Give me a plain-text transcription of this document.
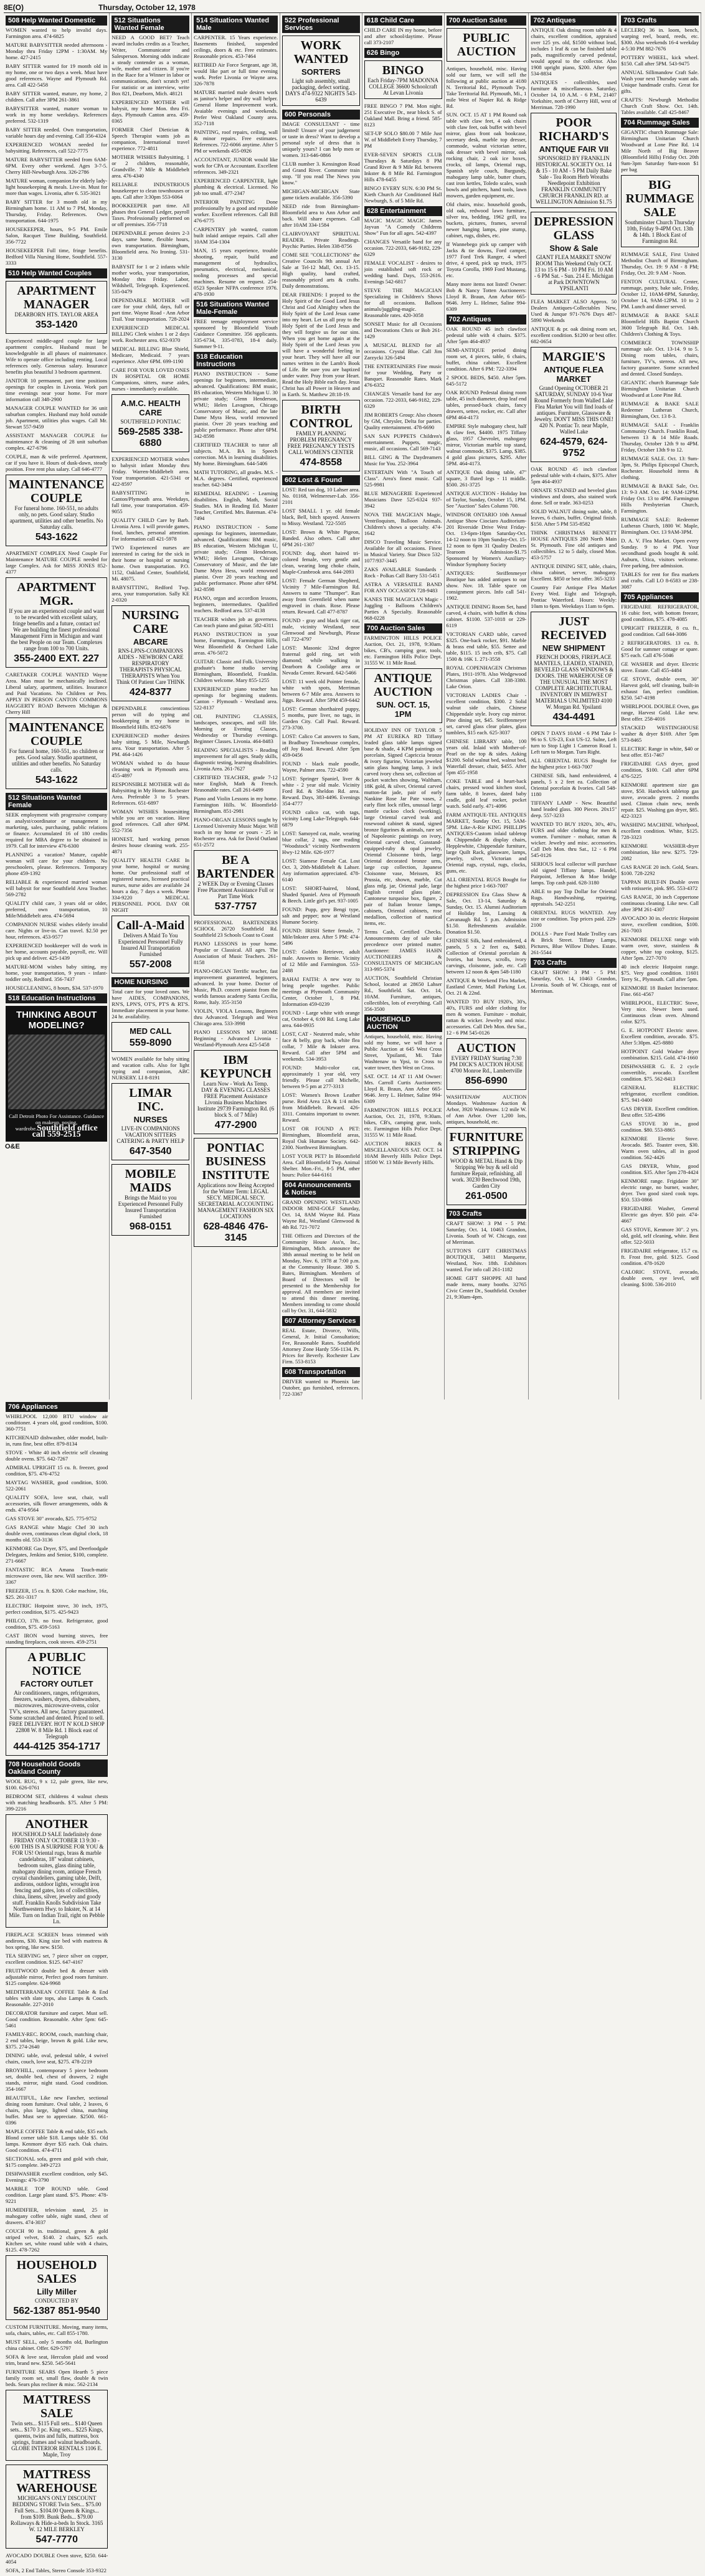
8E(O)	Thursday, October 12, 1978
508 Help Wanted Domestic
WOMEN wanted to help invalid days. Farmington area. 474-6825
MATURE BABYSITTER needed afternoons - Monday thru Friday 12PM - 1:30AM. My home. 427-2415
BABY SITTER wanted for 19 month old in my home, one or two days a week. Must have good references. Wayne and Plymouth Rd. area. Call 422-5458
BABY SITTER wanted, mature, my home, 2 children. Call after 3PM 261-3861
BABYSITTER wanted, mature woman to work in my home weekdays. References preferred. 532-1319
BABY SITTER needed. Own transportation, variable hours day and evening. Call 356-4324
EXPERIENCED WOMAN needed for babysitting. References, call 522-7775
MATURE BABYSITTER needed from 6AM-6PM. Every other weekend. Ages 3-7-5. Cherry Hill-Newburgh Area. 326-2786
MATURE woman, companion for elderly lady-light housekeeping & meals. Live-in. Must for more than wages. Livonia, after 6. 535-3021
BABY SITTER for 3 month old in my Birmingham home. 11 AM to 7 PM, Monday, Thursday, Friday. References. Own transportation. 644-1975
HOUSEKEEPER, hours, 9-5 PM. Emile Salon, Racquet Time Building, Southfield. 356-7722
HOUSEKEEPER Full time, fringe benefits. Bedford Villa Nursing Home, Southfield. 557-3333
510 Help Wanted Couples
APARTMENT MANAGER
DEARBORN HTS. TAYLOR AREA
353-1420
Experienced middle-aged couple for large apartment complex. Husband must be knowledgeable in all phases of maintenance. Wife to operate office including renting. Local references only. Generous salary. Insurance benefits plus beautiful 3 bedroom apartment.
JANITOR 10 permanent, part time positions openings for couples in Livonia. Work part time evenings near your home. For more information call 348-2900
MANAGER COUPLE WANTED for 36 unit suburban complex. Husband may hold outside job. Apartment, utilities plus wages. Call Mr. Stewart 557-9459
ASSISTANT MANAGER COUPLE for maintenance & cleaning of 28 unit suburban complex. 427-6796
COUPLE, man & wife preferred. Apartment, car if you have it. Hours of dusk-dawn, steady position. Free rent plus salary. Call 646-4777
MAINTENANCE COUPLE
For funeral home. 160-551, no adults only, no pets. Good salary. Studio apartment, utilities and other benefits. No Saturday calls.
543-1622
APARTMENT COMPLEX Need Couple For Maintenance MATURE COUPLE needed for large Complex. Ask for MISS JONES 852-4377
APARTMENT MGR.
If you are an experienced couple and want to be rewarded with excellent salary, fringe benefits and a future, contact us! We are building the finest professional Management Firm in Michigan and want the best People on our Team. Complexes range from 100 to 700 Units.
355-2400 EXT. 227
CARETAKER COUPLE WANTED Wayne Area. Man must be mechanically inclined. Liberal salary, apartment, utilities. Insurance and Paid Vacations. No Children or Pets. APPLY IN PERSON CANTON COMMONS HAGGERTY ROAD Between Michigan & Cherry Hill
MAINTENANCE COUPLE
For funeral home, 160-551, no children or pets. Good salary. Studio apartment, utilities and other benefits. No Saturday calls.
543-1622
512 Situations Wanted Female
SEEK employment with progressive company as analyst/coordinator or management in marketing, sales, purchasing, public relations or finance. Accumulated 16 of 180 credits required for MBA degree to be obtained in 1979. Call for interview 476-6300
PLANNING a vacation? Mature, capable woman will care for your children. No preschoolers, please. References. Temporary phone 459-1392
RELIABLE & experienced married woman will babysit for near Southfield Area Teacher. 569-2782
QUALITY child care, 3 years old or older, preferred, own transportation, 10 Mile/Middlebelt area. 474-5694
COMPANION NURSE wishes elderly invalid care. Nights or live-in. Can travel. $2.50 per hour, references. 453-9577
EXPERIENCED bookkeeper will do work in her home, accounts payable, payroll, etc. Will pick up and deliver. 425-1439
MATURE-MOM wishes baby sitting, my home, your transportation, 9 years - infant-toddler only, Redford. 356-7437
HOUSECLEANING, 8 hours, $34. 537-1970
518 Education Instructions
THINKING ABOUT MODELING?
Call Detroit Photo For Assistance. Guidance on makeup, posing, wardrobe.Southfield office call 559-2515
512 Situations Wanted Female
NEED A GOOD BET? Teach award includes credits as a Teacher, Writer, Communicator and Salesperson. Morning odds indicate a steady contender as a woman, wife, mother and citizen. If you're in the Race for a Winner in labor or communications, don't scratch yet! For statistic or an interview, write Box 821, Dearborn, Mich. 48121
EXPERIENCED MOTHER will babysit, my home Mon. thru Fri. days. Plymouth Canton area. 459-0365
FORMER Chief Dietician & Speech Therapist wants job as companion, International travel experience. 772-4811
MOTHER WISHES Babysitting, 1 or 2 children, reasonable, Grandville. 7 Mile & Middlebelt area. 476-4340
RELIABLE INDUSTRIOUS housekeeper to clean townhouses or apts. Call after 3:30pm 553-6064
BOOKKEEPER part time. All phases thru General Ledger, payroll Taxes. Professionally performed on or off premises. 356-7718
DEPENDABLE person desires 2-3 days, same home, flexible hours, own transportation. Birmingham, Bloomfield area. No Ironing. 531-3130
BABYSIT for 1 or 2 infants while mother works, your transportation, Monday thru Friday. Labor, Wildshell, Telegraph. Experienced. 535-0479
DEPENDABLE MOTHER will care for your child, days, full or part time. Wayne Road - Ann Arbor Trail. Your transportation. 728-2024
EXPERIENCED MEDICAL BILLING Clerk wishes 1 or 2 days work. Rochester area. 652-9370
MEDICAL BILLING Blue Shield, Medicare, Medicaid. 7 years experience. After 6PM. 699-1190
CARE FOR YOUR LOVED ONES IN HOSPITAL OR HOME Companions, sitters, nurse aides, nurses - immediately available.
A.M.C. HEALTH CARE
SOUTHFIELD PONTIAC
569-2585 338-6880
EXPERIENCED MOTHER wishes to babysit infant Monday thru Friday. Warren-Middlebelt area. Your transportation. 421-5341 or 422-8597
BABYSITTING in Canton/Plymouth area. Weekdays, full time, your transportation. 459-9055
QUALITY CHILD Care by Barb. Livonia Area. I will provide games, food, lunches, personal attention. For information call 421-5978
TWO Experienced nurses are interested in caring for the sick in their home or hospital or nursing home. Own transportation. P.O. 1152, Oakland Center, Southfield, Mi. 48075.
BABYSITTING, Redford Twp. area, your transportation. Sally KE 2-0320
NURSING CARE
ABCARE
RNS-LPNS-COMPANIONS AIDES - NEWBORN CARE RESPIRATORY THERAPISTS PHYSICAL THERAPISTS When You Think Of Patient Care THINK
424-8377
DEPENDABLE conscientious person will do typing and bookkeeping in my home in Bloomfield Hills. 852-6876
EXPERIENCED mother desires baby sitting, 5 Mile, Newburgh area. Your transportation. After 5 PM. 464-1426
WOMAN wished to do house cleaning work in Plymouth area. 455-4897
RESPONSIBLE MOTHER will do Babysitting in My Home. Rochester Area. Preferable 3 to 5 years. References. 651-6897
WOMAN WISHES housesitting while you are on vacation. Have good references. Call after 6PM. 552-7356
HONEST, hard working person desires house cleaning work. 255-4871
QUALITY HEALTH CARE In your home, hospital or nursing home. Our professional staff of registered nurses, licensed practical nurses, nurse aides are available 24 hours a day, 7 days a week. Phone 334-9220 MEDICAL PERSONNEL POOL DAY OR NIGHT
Call-A-Maid
Delivers A Maid To You Experienced Personnel Fully Insured All Transportation Furnished
557-2008
HOME NURSING
Total care for your loved ones. We have AIDES, COMPANIONS, RN'S, LPN'S, OT'S, PT'S & RT'S. Immediate placement in your home. 24 hr. availability.
MED CALL
559-8090
WOMEN available for baby sitting and vacation calls. Also for light typing and companion, ABC NURSERY. LI 8-8191
LIMAR INC.
NURSES
LIVE-IN COMPANIONS VACATION SITTERS CATERING & PARTY HELP
647-3540
MOBILE MAIDS
Brings the Maid to you Experienced Personnel Fully Insured Transportation Furnished
968-0151
514 Situations Wanted Male
CARPENTER. 15 Years experience. Basements finished, suspended ceilings, doors & etc. Free estimates. Reasonable prices. 453-7464
RETIRED Air Force Sergeant, age 38, would like part or full time evening work. Prefer Livonia or Wayne area. 326-7878
MATURE married male desires work as janitor's helper and dry wall helper. General Home Improvement work. Avaiable evenings and weekends. Prefer West Oakland County area. 352-7118
PAINTING, roof repairs, ceiling, wall & minor repairs. Free estimates. References. 722-6066 anytime. After 5 PM or weekends 455-0926
ACCOUNTANT, JUNIOR would like work for CPA or Accountant. Excellent references. 349-2321
EXPERIENCED CARPENTER, light plumbing & electrical. Licensed. No job too small. 477-2347
INTERIOR PAINTING Done professionally by a good and reputable worker. Excellent references. Call Bill 476-6775
CARPENTRY job wanted, custom built inlaid antique repairs. Call after 10AM 354-1304
MAN, 15 years experience, trouble shooting, repair, build and management of hydraulics, pneumatics, electrical, mechanical, tooling processes and special machines. Resume on request. 254-0523 Speaker NFPA conference 1976. 478-1930
516 Situations Wanted Male-Female
FREE teenage employment service sponsored by Bloomfield Youth Guidance Committee. 356 applicants. 335-6734, 335-0783, 18-4 daily. Summer 9-11.
518 Education Instructions
PIANO INSTRUCTION - Some openings for beginners, intermediate, advanced. Qualifications: BM music, BS education, Western Michigan U. 30 private study; Glenn Henderson, WMU; Helen Lavagnon, Chicago Conservatory of Music, and the late Dame Myra Hess, world renowned pianist. Over 20 years teaching and public performance. Phone after 6PM. 342-8598
CERTIFIED TEACHER to tutor all subjects. M.A. BA in Speech correction. MA in learning disabilities. My home. Birmingham. 644-5406
MATH TUTORING, all grades. M.S. - M.A. degrees. Certified, experienced teacher. 642-3494
REMEDIAL READING - Learning disabilities. English, Math, Social Studies. MA in Reading Ed. Master Teacher, Certified. Mrs. Bateman. 474-7494
PIANO INSTRUCTION - Some openings for beginners, intermediate, advanced. Qualifications: BM music, BS education, Western Michigan U, private study; Glenn Henderson, WMU; Helen Lavagnon, Chicago Conservatory of Music, and the late Dame Myra Hess, world renowned pianist. Over 20 years teaching and public performance. Phone after 6PM. 342-8598
PIANO, organ and accordion lessons, beginners, intermediates. Qualified teachers. Redford area. 537-4138
TEACHER wishes job as governess. Can teach piano and guitar. 582-4311
PIANO INSTRUCTION in your home, Farmington, Farmington Hills, West Bloomfield & Orchard Lake areas. 476-5072
GUITAR: Classic and Folk. University graduate's home studio serving Birmingham, Bloomfield, Franklin. Children welcome. Mary 855-1255
EXPERIENCED piano teacher has openings for beginning students. Canton - Plymouth - Westland area. 522-8137
OIL PAINTING CLASSES, landscapes, seascapes, and still life. Morning or Evening Classes, Wednesday or Thursday evenings. Beginner Classes. Livonia. 464-8483
READING SPECIALISTS - Reading improvement for all ages. Study skills, diagnostic testing, learning disabilities. Livonia Area. 261-7627
CERTIFIED TEACHER, grade 7-12 tutor English, Math & French. Reasonable rates. Call 261-6499
Piano and Violin Lessons in my home. Farmington Hills. W. Bloomfield-Birmingham. 851-2981
PIANO-ORGAN LESSONS taught by Licensed University Music Major. Will teach in my home or yours - 25 in Rochester area. Ask for David Outland 651-2572
BE A BARTENDER
2 WEEK Day or Evening Classes Free Placement Assistance Full or Part Time Work
537-7757
PROFESSIONAL BARTENDERS SCHOOL 26720 Southfield Rd. Southfield 23 Schools Coast to Coast
PIANO LESSONS in your home. Popular or Classical. All ages. The Association of Music Teachers. 261-8158
PIANO-ORGAN Terrific teacher, fast improvement guaranteed, beginners, advanced. In your home. Doctor of Music, Ph.D. concert pianist from the worlds famous academy Santa Cecilia, Rome, Italy. 355-3150
VIOLIN, VIOLA Lessons, Beginners thru Advanced. Telegraph and West Chicago area. 533-3998
PIANO LESSONS MY HOME Beginning - Advanced Livonia - Westland-Plymouth Area 425-5458
IBM KEYPUNCH
Learn Now - Work As Temp. DAY & EVENING CLASSES FREE Placement Assistance Livonia Business Machines Institute 29739 Farmington Rd. (6 block S. of 7 Mile)
477-2900
PONTIAC BUSINESS INSTITUTE
Applications now Being Accepted for the Winter Term: LEGAL SECY. MEDICAL SECY. SECRETARIAL ACCOUNTING MANAGEMENT FASHION SIX LOCATIONS
628-4846 476-3145
522 Professional Services
WORK WANTED
SORTERS
Light sub assembly, small packaging, defect sorting. DAYS 474-9322 NIGHTS 543-6439
600 Personals
IMAGE CONSULTANT - time limited! Unsure of your judgement or taste in dress? Want to develop a personal style of dress that is uniquely yours? I can help men or women. 313-646-0866
CLUB number 3. Kensington Road and Grand River. Commuter train stop. "If you read The News you know."
MICHIGAN-MICHIGAN State game tickets available. 356-5390
NEED ride from Birmingham-Bloomfield area to Ann Arbor and back. Will share expenses. Call after 10AM 334-1584
CLAIRVOYANT SPIRITUAL READER. Private Readings. Psychic Parties. Helen 338-8756
COME SEE "COLLECTIONS" the Creative Councils 9th annual Art Sale at Tel-12 Mall, Oct. 13-15. High quality, hand crafted, reasonably priced arts & crafts. Daily demonstrations.
DEAR FRIENDS: I prayed to the Holy Spirit of the Good Lord Jesus Christ and God Almighty when the Holy Spirit of the Lord Jesus came into my heart. Let us all pray to the Holy Spirit of the Lord Jesus and they will forgive us for our sins. When you get home again at the Holy Spirit of the Lord Jesus you will have a wonderful feeling in your heart. They will have all our names written in the Lamb's Book of Life. Be sure you are baptized under water. Pray from your Heart. Read the Holy Bible each day. Jesus Christ has all Power in Heaven and in Earth. St. Matthew 28:18-19.
BIRTH CONTROL
FAMILY PLANNING PROBLEM PREGNANCY FREE PREGNANCY TESTS CALL WOMEN'S CENTER
474-8558
602 Lost & Found
LOST: Red tan dog, 10 Lahser area. No. 01168, Welmereser-Lab. 356-2101
LOST SMALL 1 yr. old female black, Bell, bitch spayed. Answers to Missy. Westland. 722-5505
LOST: Brown & White Pigeon, Banded. Also others. Call after 6PM 261-1307
FOUND: dog, short haired tri-colored female, very gentle and clean, wearing long choke chain, Maple-Cranbrook area. 644-2093
LOST: Female German Shepherd, Vicinity 7 Mile-Farmington Rd. Answers to name "Thumper". Ran away from Greenfield when name engraved in chain. Rose. Please return. Reward. Call 477-8787
FOUND - gray and black tiger cat, male, vicinity Westland, near Glenwood and Newburgh, Please call 722-4797
LOST: Masonic 32nd degree fraternal gold ring, set with diamond; while walking in Dearborn & Coolidge area or Nevada Center. Reward. 642-5466
LOST: 11 week old Pointer female, white with spots, Merriman between 6-7 Mile area. Answers to Jiggs. Reward. After 5PM 459-6442
LOST: German shorthaired puppy, 5 months, pure liver, no tags, in Garden City. Call Paul. Reward. 273-3700.
LOST: Calico Cat answers to Sam, in Bradbury Townehouse complex, off Joy Road. Reward. After 5pm 459-0456
FOUND - black male poodle, Wayne, Palmer area. 722-4590
LOST: Springer Spaniel, liver & white - 2 year old male. Vicinity Ford Rd. & Sheldon Rd. area. Reward. Days, 383-4496. Evenings 354-4777
FOUND calico cat, with tags, vicinity Long Lake-Telegraph. 644-6879
LOST: Samoyed cat, male, wearing blue collar, 2 tags, one reading "Woodstock" vicinity Northwestern Hwy-12 Mile. 626-1977
LOST: Siamese Female Cat. Lost Oct. 3, 20th-Middlebelt & Lahser. Any information appreciated. 478-6140
LOST: SHORT-haired, blond, Shaded Spaniel. Area of Plymouth & Beech. Little girl's pet. 937-1005
FOUND: Pupp, grey Bengi type, salt and pepper; now at Westland Humane Society.
FOUND: IRISH Setter female, 7 Mile/Inkster area. After 5 PM: 474-5496
LOST: Golden Retriever, adult male. Answers to Bernie. Vicinity of 12 Mile and Farmington. 553-2488
BAHAI FAITH: A new way to bring people together. Public meetings at Plymouth Community Center, October 1, 8 PM. Information 459-0239
FOUND - Large white with orange cat, October 4, 6:00 Rd. Long Lake area. 644-0935
LOST, CAT - Neutered male, white face & belly, gray back, white flea collar, 7 Mile & Inkster area. Reward. Call after 5PM and weekends. 534-3953
FOUND: Multi-color cat, approximately 1 year old, very friendly. Please call Michelle, between 9-5 pm at 277-3313
LOST: Women's Brown Leather purse. Reid Area 12A & 1/4 miles from Middlebelt. Reward. 426-3311. Contains important to owner. Reward.
LOST OR FOUND A PET: Birmingham, Bloomfield areas, Royal Oak Humane Society. 642-2300. Northwest Birmingham.
LOST YOUR PET? In Bloomfield Area. Call Bloomfield Twp. Animal Shelter. Mon.-Fri., 8-5 PM, other hours: Police 644-6161
604 Announcements & Notices
GRAND OPENING WESTLAND INDOOR MINI-GOLF Saturday, Oct. 14, 8AM Wayne Rd. Plaza Wayne Rd., Westland Glenwood & 4th Rd. 721-7072
THE Officers and Directors of the Community House Ass'n, Inc., Birmingham, Mich. announce the 38th annual meeting to be held on Monday, Nov. 6, 1978 at 7:00 p.m. at the Community House. 380 S. Bates, Birmingham. Members of Board of Directors will be presented to the Membership for approval. All members are invited to attend this dinner meeting. Members intending to come should call by Oct. 31, 644-5832
607 Attorney Services
REAL Estate, Divorce, Wills, General, Jr. Initial Consultation; Fee, Reasonable Rates. Southfield Attorney Zone Hardy 556-1134. Pt. Prices for Beverly. Rochester Law Firm. 553-8153
608 Transportation
DRIVER wanted to Phoenix late Outober, gas furnished, references. 722-3367
618 Child Care
CHILD CARE IN my home, before and after school/daytime. Please call 373-2107
626 Bingo
BINGO
Each Friday-7PM MADONNA COLLEGE 36600 Schoolcraft At Levan Livonia
FREE BINGO 7 PM. Mon night. 251 Executive Dr., near block S. of Oakland Mall. Bring a friend. 585-8123
SET-UP SOLO $80.00 7 Mile Just W. of Middlebelt Every Thursday, 7 PM
EVER-SEVEN SPORTS CLUB Thursdays & Saturdays 8 PM Grand River & 9 Mile Rd. between Inkster & 8 Mile Rd. Farmington Hills 478-6455
BINGO EVERY SUN. 6:30 PM St. Kieth Church Air Conditioned Hall Newburgh, S. of 5 Mile Rd.
628 Entertainment
MAGIC MAGIC MAGIC James Jayvan "A Comedy Childrens Show" Fun for all ages. 542-4397
CHANGES Versatile band for any occasion. 722-2033, 646-9182, 229-6329
FEMALE VOCALIST - desires to join established soft rock or wedding band. Days, 553-2616. Evenings 542-6817
STEVE THE MAGICIAN Specializing in Children's Shows for all occasions. Balloon animals/juggling-magic. Reasonable rates. 420-3058
SONSET Music for all Occasions and Decorations Chris or Bob 261-1429
A MUSICAL BLEND for all occasions. Crystal Blue. Call Jim Zarzycki 326-5494
THE ENTERTAINERS Fine music for your Wedding, Party or Banquet. Reasonable Rates. Mark 476-6352
CHANGES Versatile band for any occasion. 722-2033, 646-9182, 229-6329
JIM ROBERTS Group: Also chosen by GM, Chrysler, Delta for parties. Quality entertainment. 478-6690
SAN SAN PUPPETS Children's entertainment. Puppets, magic, music, all occasions. Call 569-7143
BILL GING & The Daydreamers Music for You. 252-3964
ENTERTAIN With "A Touch of Class". Area's finest music. Call 525-9981
BLUE MENAGERIE Experienced Musicians Dave 525-6324 937-3942
NOVA THE MAGICIAN Magic, Ventriloquism, Balloon Animals. Children's shows a specialty. 474-1642
DISCO Traveling Music Service. Available for all occasions. Finest in Musical Variety. Star Disco 532-1077/937-3445
ZAKS AVAILABLE Standards - Rock - Polkas Call Barry 531-5451
ASTRA A VERSATILE BAND FOR ANY OCCASION 728-9483
KANES THE MAGICIAN Magic - Juggling - Balloons Children's Parties A Specialty. Reasonable 968-0228
700 Auction Sales
FARMINGTON HILLS POLICE Auction, Oct. 21, 1978, 9:30am. bikes, CB's, camping gear, tools, etc. Farmington Hills Police Dept. 31555 W. 11 Mile Road.
ANTIQUE AUCTION
SUN. OCT. 15, 1PM
HOLIDAY INN OF TAYLOR 5 PM AT EUREKA RD Tiffany leaded glass table lamps signed base & shade, 4 KPM paintings on porcelain, Signed Capriccia bronze & ivory figurine, Victorian jeweled satin glass hanging lamp, 3 inch carved ivory chess set, collection of pocket watches showing, Waltham, 18K gold, & silver, Oriental carved mutton-fat jade, pair of early Nankine Rose Jar Pate vases, 2 early flint lock rifles, unusual large mantle cuckoo clock (working), large Oriental carved teak and rosewood cabinet & stand, signed bronze figurines & animals, rare set of Napoleonic paintings on ivory, Oriental carved chest, Gunstand-equipped-ruby & opal jewelry, Oriental Cloisonne birds, large Oriental decorated bronze urns, large cup collection, Japanese Cloisonne vase, Meissen, RS Prussia, etc, shown, marble, Cut glass mfg. jar, Oriental jade, large English crested glass plate, Cantonese turquoise box, figure, 2 pair of Italian bronze lamps, cabinets, Oriental cabinets, rose medallion, collection of nautical items, etc.
Terms Cash, Certified Checks. Announcements day of sale take precedence over printed matter. Auctioneer: JAMES HAHN AUCTIONEERS & CONSULTANTS OF MICHIGAN 313-995-5374
AUCTION, Southfield Christian School, located at 28650 Lahser Rd., Southfield. Sat. Oct. 14, 10AM. Furniture, antiques, collectibles, lots of everything. Call 356-3500
HOUSEHOLD AUCTION
Antiques, household, misc. Having sold my home, we will have a Public Auction at 645 West Cross Street, Ypsilanti, Mi. Take Washtenaw to Ypsi, to Cross to water tower, then West on Cross.
SAT. OCT. 14 AT 11 AM Owner: Mrs. Carroll Curtis Auctioneers: Lloyd R. Braun, Ann Arbor 665-9646. Jerry L. Helmer, Saline 994-6309
FARMINGTON HILLS POLICE Auction, Oct. 21, 1978, 9:30am. bikes, CB's, camping gear, tools, etc. Farmington Hills Police Dept. 31555 W. 11 Mile Road.
AUCTION BIKES & MISCELLANEOUS SAT. OCT. 14 10AM Beverly Hills Police Dept. 18500 W. 13 Mile Beverly Hills.
700 Auction Sales
PUBLIC AUCTION
Antiques, household, misc. Having sold our farm, we will sell the following at public auction at 4180 N. Territorial Rd., Plymouth Twp. Take Territorial Rd. Plymouth, Mi., 1 mile West of Napier Rd. & Ridge Rd.
SUN. OCT. 15 AT 1 PM Round oak table with claw feet, 4 oak chairs with claw feet, oak buffet with bevel mirror, glass front oak bookcase, secretary desk, marble top dresser, commode, walnut victorian settee, oak dresser with bevel mirror, oak rocking chair, 2 oak ice boxes, crocks, oil lamps, Oriental rugs, Spanish style couch, Burgundy, mahogany lamp table, butter churn, cast iron kettles, Toledo scales, wash bowls and pitchers, hand tools, lawn mowers, garden equipment, etc.
Old chairs, misc. household goods, old oak, redwood lawn furniture, silver tea, bedding, 1962 grill, tea buckets, pictures, frames, several newer hanging lamps, pine stump, cabinet, rugs, dishes, etc.
If Wannebego pick up camper with Jacks & tie downs, Ford camper, 1977 Ford Trek Ranger, 4 wheel drive, 4 speed, pick up truck, 1975 Toyota Corolla, 1969 Ford Mustang, etc.
Many more items not listed! Owner: Bob & Nancy Totten Auctioneers: Lloyd R. Braun, Ann Arbor 665-9646. Jerry L. Helmer, Saline 994-6309
702 Antiques
OAK ROUND 45 inch clawfoot pedestal table with 4 chairs. $375. After 5pm 464-4937
SEMI-ANTIQUE period dining room set, 4 pieces, table, 6 chairs, buffet, china cabinet. Excellent condition. After 6 PM: 722-3394
2 SPOOL BEDS, $450. After 5pm. 645-5172
OAK ROUND Pedestal dining room table, 45 inch diameter, drop leaf end tables, pressed-back chairs, fancy drawers, settee, rocker, etc. Call after 6PM 464-4173
EMPIRE Style mahogany chest, half & claw feet, $4400. 1975 Tiffany glass, 1957 Chevrolet, mahogany mirror, Victorian marble top stand, walnut commode, $375. Lamp, $385. 4 gold glass pictures, $295. After 5PM. 464-4173.
ANTIQUE Oak dining table, 47" square, 3 fluted legs - 11 middle. $500. 261-3725
ANTIQUE AUCTION - Holiday Inn of Taylor, Sunday, October 15, 1PM. See "Auction" Sales Column 700.
WINDSOR ONTARIO 10th Annual Antique Show Ciociaro Auditorium-201 Riverside Drive West Friday-Oct. 13-6pm-10pm Saturday-Oct. 14-12 noon to 10pm Sunday-Oct. 15-12 noon to 6pm 31 Quality Dealers Tearoom Admission-$1.75 Sponsored by Women's Auxiliary-Windsor Symphony Society
ANTIQUES: Steiffenmeyer Boutique has added antiques to our show. Nov. 18. Table space on consignment pieces. Info call 541-1902.
ANTIQUE DINING Room Set, hand carved, 4 chairs, with buffet & china cabinet. $1100. 537-1018 or 229-6119
VICTORIAN CARD table, carved $325. One-back rocker, $91. Marble & brass end table, $55. Settee and table, $115. 15 inch crib, $75. Call 1500 & 16K 1. 271-3558
ROYAL COPENHAGEN Christmas Plates, 1911-1978. Also Wedgewood Christmas plates. Call 338-3380. Lake Orion.
VICTORIAN LADIES Chair - excellent condition, $300. 2 Solid walnut side chairs, Chinese Chippendale style. Ivory cup mirror. Pine dining set, $45. Steiffenmeyer set, carved glass clear plates, glass tumblers, $15 each. 625-3037
CHINESE LIBRARY table, 100 years old. Inlaid with Mother-of-Pearl on the top & sides. Asking $1200. Solid walnut bed, walnut bed, Waterfall dresser, chair, $455. After 5pm 455-1958
COKE TABLE and 4 heart-back chairs, pressed wood kitchen stool, farm table, 8 leaves, dated baby cradle, gold leaf rocker, pocket watch. Sold early. 471-4096
FARM ANTIQUE-TEL ANTIQUES MARKET, Sunday Oct. 15, 5AM-5PM. Like-A-Rie KING PHILLIPS ANTIQUES-Custom inlaid tabletop & Chippendale & display chairs, Hepplewhite, Chippendale furniture, large Quilt Rack, glassware, lamps, jewelry, silver, Victorian and Oriental rugs, crystal, rugs, clocks, guns, etc.
ALL ORIENTAL RUGS Bought for the highest price 1-663-7007
DEPRESSION Era Glass Show & Sale, Oct. 13-14, Saturday & Sunday, Oct. 15. Alumni Auditorium of Holiday Inn, Lansing & Cavanaugh Rd. 5 p.m. Admission $1.50. Refreshments available. Donation $1.50.
CHINESE Silk, hand embroidered, 4 panels, 5 x 2 feet ea, $480. Collection of Oriental porcelain & Ivories, hat boxes, scrolls, ivory carvings, cloisonne, jade, etc. Call between 12 noon & 4pm 548-1180
ANTIQUE & Weekend Flea Market, Eastland Center, Mall Parking Lot. Oct. 21 & 22nd.
WANTED TO BUY 1920's, 30's, 40's, FURS and older clothing for men & women. Furniture - mohair, rattan & wicker. Jewelry and misc. accessories. Call Deb Mon. thru Sat., 12 - 6 PM 545-0126
AUCTION
EVERY FRIDAY Starting 7:30 PM DICK'S AUCTION HOUSE 4700 Monroe Rd., Lambertville
856-6990
WASHTENAW AUCTION Mondays. Washtenaw Auction & Arbor, 3920 Washtenaw. 1/2 mile W. of Ann Arbor. Over 1,200 lots, antiques, household, etc.
FURNITURE STRIPPING
WOOD & METAL Hand & Dip Stripping We buy & sell old furniture Repair, refinishing, all work. 30230 Beechwood 19th, Garden City
261-0500
703 Crafts
CRAFT SHOW: 3 PM - 5 PM: Saturday, Oct. 14, 10463 Grandon, Livonia. South of W. Chicago, east of Merriman.
SUTTON'S GIFT CHRISTMAS BOUTIQUE, 34811 Marquette, Westland, Nov. 18th. Exhibitors wanted. For info call 261-1182
HOME GIFT SHOPPE All hand made items, many booths. 32765 Civic Center Dr., Southfield. October 21, 9:30am-4pm.
702 Antiques
ANTIQUE Oak dining room table & 4 chairs, excellent condition, appraised over 125 yrs. old, $1500 without lead, includes 1 leaf & can be finished table pads, magnificently carved pedestal, would appeal to the collector. Also 1908 upright piano, $200. After 6pm 534-8834
ANTIQUES - collectibles, used furniture & miscellaneous. Saturday, October 14, 10 A.M. - 6 P.M., 21407 Yorkshire, north of Cherry Hill, west of Merriman. 728-1990
POOR RICHARD'S
ANTIQUE FAIR VII
SPONSORED BY FRANKLIN HISTORICAL SOCIETY Oct. 14 & 15 - 10 AM - 5 PM Daily Bake Sale - Tea Room Herb Wreaths Needlepoint Exhibition FRANKLIN COMMUNITY CHURCH FRANKLIN RD. at WELLINGTON Admission $1.75
DEPRESSION GLASS
Show & Sale
GIANT FLEA MARKET SNOW ROOM This Weekend Only OCT. 13 to 15 6 PM - 10 PM Fri. 10 AM - 6 PM Sat. - Sun. 214 E. Michigan at Park DOWNTOWN YPSILANTI
FLEA MARKET ALSO Approx. 50 Dealers Antiques-Collectables New, Used & Junque 971-7676 Days 487-5890 Weekends
ANTIQUE & pr. oak dining room set, excellent condition. $1200 or best offer. 682-0654
MARGIE'S
ANTIQUE FLEA MARKET
Grand Opening OCTOBER 21 SATURDAY, SUNDAY 10-6 Year Round Formerly from Walled Lake Flea Market You will find loads of antiques. Furniture, Glassware & Jewelry. DON'T MISS THIS ONE! 420 N. Pontiac Tr. near Maple, Walled Lake
624-4579, 624-9752
OAK ROUND 45 inch clawfoot pedestal table with 4 chairs, $375. After 5pm 464-4937
ORNATE STAINED and beveled glass windows and doors, also stained work done. Sell or trade. 363-0253
SOLID WALNUT dining suite, table, 8 leaves, 6 chairs, buffet. Original finish. $150. After 5 PM 535-8582
THINK CHRISTMAS BENNETT HOUSE ANTIQUES 280 North Main St. Plymouth. Fine old antiques and collectibles. 12 to 5 daily, closed Mon. 453-5757
ANTIQUE DINING SET, table, chairs, china cabinet, server, mahogany. Excellent. $850 or best offer. 365-3233
Country Fair Antique Flea Market Every Wed. Eight and Telegraph, Pontiac Waterford. Hours: Weekly: 10am to 6pm. Weekdays 11am to 6pm.
JUST RECEIVED
NEW SHIPMENT
FRENCH DOORS, FIREPLACE MANTELS, LEADED, STAINED, BEVELED GLASS WINDOWS & DOORS. THE WAREHOUSE OF THE UNUSUAL THE MOST COMPLETE ARCHITECTURAL INVENTORY IN MIDWEST MATERIALS UNLIMITED 4100 W. Morgan Rd. Ypsilanti
434-4491
OPEN 7 DAYS 10AM - 6 PM Take I-96 to S. US-23, Exit US-12. Sulne, Left turn to Stop Light 1 Cameron Road 1. Left turn to Morgan. Turn Right.
ALL ORIENTAL RUGS Bought for the highest price 1-663-7007
CHINESE Silk, hand embroidered, 4 panels, 5 x 2 feet ea. Collection of Oriental porcelain & Ivories. Call 548-1180
TIFFANY LAMP - New. Beautiful hand leaded glass. 300 Pieces. 20x15" deep. 557-3233
WANTED TO BUY 1920's, 30's, 40's, FURS and older clothing for men & women. Furniture - mohair, rattan & wicker. Jewelry and misc. accessories. Call Deb Mon. thru Sat., 12 - 6 PM 545-0126
SERIOUS local collector will purchase old signed Tiffany lamps. Handel, Pairpoint, Jefferson & Moe bridge lamps. Top cash paid. 628-3180
ABLE to pay Top Dollar for Oriental Rugs. Handwashing, repairing, appraisals. 542-2251
ORIENTAL RUGS WANTED. Any size or condition. Top prices paid. 229-2100
DOLLS - Pure Ford Made Trolley cars & Brick Street. Tiffany Lamps, Pictures, Blue Willow Dishes. Estate. 261-5544
703 Crafts
CRAFT SHOW: 3 PM - 5 PM: Saturday, Oct. 14, 10463 Grandon, Livonia. South of W. Chicago, east of Merriman.
703 Crafts
LECLERQ 36 in. loom, bench, warping reel, board, reeds, etc. $300. Also weekends 16-4 weekday 4-5:30 PM 882-7676
POTTERY WHEEL, kick wheel. $150. Call after 5PM. 543-9475
ANNUAL Sillimandow Craft Sale. Wash your next Thursday want ads. Unique handmade crafts. Great for gifts.
CRAFTS: Newburgh Methodist Church Craft Show. Oct. 14th. Tables available. Call 425-8467
704 Rummage Sales
GIGANTIC church Rummage Sale: Birmingham Unitarian Church Woodward at Lone Pine Rd. 1/4 Mile North of Big Beaver (Bloomfield Hills) Friday Oct. 20th 9am-3pm Saturday 9am-noon $1 per bag
BIG RUMMAGE SALE
Southminster Church Thursday 10th, Friday 9-4PM Oct. 13th & 14th. 1 Block East of Farmington Rd.
RUMMAGE SALE, First United Methodist Church of Birmingham. Thursday, Oct. 19: 9 AM - 8 PM; Friday, Oct. 20: 9 AM - Noon.
FENTON CULTURAL Center, rummage, pastry, bake sale, Friday, October 12, 10AM-8PM, Saturday, October 14, 9AM-12PM. 10 to 2 PM. Lunch and dinner served.
RUMMAGE & BAKE SALE Bloomfield Hills Baptist Church 3600 Telegraph Rd. Oct. 14th. Children's Clothing & Toys.
COMMERCE TOWNSHIP rummage sale. Oct. 13-14. 9 to 5. Dining room tables, chairs, furniture, TV's, stereos. All new, factory guarantee. Some scratched and dented. Closed Sundays.
GIGANTIC church Rummage Sale Birmingham Unitarian Church Woodward at Lone Pine Rd.
RUMMAGE & BAKE SALE Redeemer Lutheran Church, Birmingham, Oct. 13 8-3.
RUMMAGE SALE - Franklin Community Church. Franklin Road, between 13 & 14 Mile Roads. Thursday, October 12th 9 to 4PM. Friday, October 13th 9 to 12.
RUMMAGE SALE. Oct. 13: 9am-3pm, St. Philips Episcopal Church, Rochester. Household items & clothing.
RUMMAGE & BAKE Sale, Oct. 13: 9-3 AM. Oct. 14: 9AM-12PM. Friday Oct. 13 to 4PM. Farmington Hills Presbyterian Church, Farmington.
RUMMAGE SALE: Redeemer Lutheran Church, 1800 W. Maple, Birmingham. Oct. 13 9AM-3PM.
D. A. V. Flea Market. Open every Sunday. 9 to 4 PM. Your secondhand goods bought & sold. Auburn, Utica, visitors welcome. Free parking, free admission.
TABLES for rent for flea markets and crafts. Call LO 8-6583 or 238-3087
705 Appliances
FRIGIDAIRE REFRIGERATOR, 16 cubic feet, with bottom freezer, good condition, $75. 478-4085
UPRIGHT FREEZER, 8 cu. ft., good condition. Call 644-3086
2 REFRIGERATORS. 13 cu. ft. Good for summer cottage or spare. $75 each. Call 476-5046
GE WASHER and dryer. Electric stove. Estate. Call 455-4484
GE STOVE, double oven, 30" Harvest gold, self cleaning, built-in exhaust fan, perfect condition. $250. 547-4198
WHIRLPOOL DOUBLE Oven, gas range, Harvest Gold. Like new. Best offer. 258-4016
STACKED WESTINGHOUSE washer & dryer $169. After 5pm 573-8465
ELECTRIC Range in white, $40 or best offer. 851-7467
FRIGIDAIRE GAS dryer, good condition, $100. Call after 6PM 476-5225
KENMORE apartment size gas stove, $50. Hardwick tabletop gas stove, avocado green. 2 months used. Clinton chain new, needs repair. $25. Washing gas dryer, $85. 422-3323
WASHING MACHINE. Whirlpool, excellent condition. White, $125. 728-3323
KENMORE WASHER-dryer combination, like new. $275. 729-2082
GAS RANGE 20 inch. Gold, Sears. $100. 728-2292
TAPPAN BUILT-IN Double oven with rotisserie, pink. $95. 553-4372
GAS RANGE, 30 inch Coppertone continuous cleaning. Like new. Call after 3PM 261-4307
AVOCADO 30 in. electric Hotpoint stove, excellent condition, $100. 261-7003
KENMORE DELUXE range with warm over, stove, stainless & copper, white top cooktop, $125. After 5pm. 227-7070
40 inch electric Hotpoint range. $75. Very good condition. 11601 Terry St., Plymouth. Call after 5pm.
KENMORE 18 Basket Incinerator. Fine. 661-4567
WHIRLPOOL, ELECTRIC Stove, Very nice. Newer been used. Continuous clean oven. Almond color. $275.
G. E. HOTPOINT Electric stove. Excellent condition, avocado. $75. After 5:30pm. 425-8880
HOTPOINT Gold Washer dryer combination. $215. Gold. 474-1660
DISHWASHER G. E. 2 cycle convertible, avocado. Excellent condition. $75. 562-8413
GENERAL ELECTRIC refrigerator, excellent condition. $75. 941-0400
GAS DRYER. Excellent condition. Best offer. 535-4396
GAS STOVE 30 in., good condition. $80. 553-8865
KENMORE Electric Stove. Avocado. $85. Toaster oven, $30. Warm oven tables, all in good condition. 562-4426
GAS DRYER, White, good condition. $35. After 5pm 278-4424
KENMORE range. Frigidaire 30" electric range, no burner, washer, dryer. Two good sized cook tops. $50. 533-0866
FRIGIDAIRE Washer, General Electric gas dryer. $50 pair. 474-4667
GAS STOVE, Kenmore 30". 2 yrs. old, gold, self cleaning, white. Best offer. 522-5033
FRIGIDAIRE refrigerator, 15.7 cu. ft. Frost free, gold. $125. Good condition. 478-1620
CALORIC STOVE, avocado, double oven, eye level, self cleaning. $100. 536-2010
706 Appliances
WHIRLPOOL 12,000 BTU window air conditioner. 4 years old, good condition, $100. 360-7751
KITCHENAID dishwasher, older model, built-in, runs fine, best offer. 879-8134
STOVE - White 40 inch electric self cleaning double ovens. $75. 642-7267
ADMIRAL UPRIGHT 15 cu. ft. freezer, good condition, $75. 476-4752
MAYTAG WASHER, good condition, $100. 522-2061
QUALITY SOFA, love seat, chair, wall accessories, silk flower arrangements, odds & ends. 474-9564
GAS STOVE 30" avocado, $25. 775-9752
GAS RANGE white Magic Chef 30 inch double oven, continuous clean digital clock, 18 months old. 553-3136
KENMORE Gas Dryer, $75, and Deerfoodgale Delegates, Jenkins and Senior, $100, complete. 271-6667
FANTASTIC RCA Amana Touch-matic microwave oven, like new. Will sacrifice. 399-3367
FREEZER, 15 cu. ft. $200. Coke machine, 16z, $25. 261-3317
ELECTRIC Hotpoint stove, 30 inch, 1975, perfect condition, $175. 425-9423
PHILCO, 17ft. no frost. Refrigerator, good condition, $75. 459-5163
CAST IRON wood burning stoves, free standing fireplaces, cook stoves. 459-2751
A PUBLIC NOTICE
FACTORY OUTLET
Air conditioners, ranges, refrigerators, freezers, washers, dryers, dishwashers, microwaves, microwave-ovens, color TV's, stereos. All new, factory guaranteed. Some scratched and dented. Priced to sell. FREE DELIVERY. HOT N' KOLD SHOP 22808 W. 8 Mile Rd. 1 Block east of Telegraph
444-4125 354-1717
708 Household Goods Oakland County
WOOL RUG, 9 x 12, pale green, like new, $100. 626-0761
BEDROOM SET, childrens 4 walnut chests with matching headboards. $75. After 5 PM: 399-2216
ANOTHER
HOUSEHOLD SALE Indefinitely done FRIDAY ONLY OCTOBER 13 9:30 - 6:00 THIS IS A SURPRISE FOR YOU & FOR US! Oriental rugs, brass & marble candelabras, 18" walnut cabinets, bedroom suites, glass dining table, mahogany dining room, antique French crystal chandeliers, gaming table, Delft, andirons, outdoor lights, wrought iron fencing and gates, lots of collectibles, china, linens, silver, jewelry and goody stuff. Franklin Knolls Subdivision Take Northwestern Hwy. to Inkster, N. at 14 Mile. Turn on Indian Trail, right on Pebble Ln.
FIREPLACE SCREEN brass trimmed with andirons, $30. King size bed with mattress & box spring, like new. $150.
TEA SERVING set, 7 piece silver on copper, excellent condition. $125. 647-4167
FRUITWOOD double bed & dresser with adjustable mirror, Perfect good room furniture. $125 complete. 624-9968
MEDITERRANEAN COFFEE Table & End tables with slate tops, also Lamps & Couch. Reasonable. 227-2010
DECORATOR furniture and carpet. Must sell. Good condition. Reasonable. After 5pm: 645-5461
FAMILY-REC. ROOM, couch, matching chair, 2 end tables, beige, brown & gold. Like new, $375. 274-2640
DINING table, oval, pedestal table, 4 swivel chairs, couch, love seat, $275. 478-2219
BROYHILL, contemporary 5 piece bedroom set, double bed, chest of drawers, 2 night stands, mirror, night stand. Good condition. 354-1667
BEAUTIFUL, Like new Fancher, sectional dining room furniture. Oval table, 2 leaves, 6 chairs, plus large, lighted china, matching buffet. Must see to appreciate. $2500. 661-0396
MAPLE COFFEE Table & end table, $35 each. Blond corner table $18. Lamps table $5. Old lamps. Kenmore dryer $35 each. Oak chairs. Good condition. 474-4711
SECTIONAL sofa, green and gold with chair, $175 complete. 349-2723
DISHWASHER excellent condition, only $45. Evenings: 476-3790
MARBLE TOP ROUND table. Good condition. Large plant stand. $75. Phone: 478-9221
HUMIDIFIER, television stand, 25 in mahogany coffee table, night stand, chest of drawers. 474-3037
COUCH 90 in. traditional, green & gold striped velvet, $140. 2 chairs, $25 each. Kitchen set, white round table with 4 chairs, $125. 478-7262
HOUSEHOLD SALES
Lilly Miller
CONDUCTED BY
562-1387 851-9540
CUSTOM FURNITURE. Moving, many items, sofa, chairs, tables, etc. Call 855-1780.
MUST SELL, only 5 months old, Burlington china cabinet. Offer. 629-5797
SOFA & love seat, Herculon plaid and wood trim, brand new. $250. 545-5641
FURNITURE SEARS Open Hearth 5 piece family room set, small flaw, double & twin beds. Sears plus recliner & misc. 562-2134
MATTRESS SALE
Twin sets... $115 Full sets... $140 Queen sets... $170 3 pc. King sets... $225 Kings, queens, twins and fulls, mattress, box springs, frames and walnut headboards. GLOBE INTERIOR RENTALS 1106 E. Maple, Troy
MATTRESS WAREHOUSE
MICHIGAN'S ONLY DISCOUNT BEDDING STORE Twin Sets... $75.00 Full Sets... $104.00 Queen & Kings... from $109. Bunk Beds... $79.00 Rollaways & Hide-a-beds In Stock. 3165 W. 12 MILE BERKLEY
547-7770
AVOCADO DOUBLE Oven stove, $250. 644-4054
SOFA, 2 End Tables, Stereo Console 353-9322
O&E
